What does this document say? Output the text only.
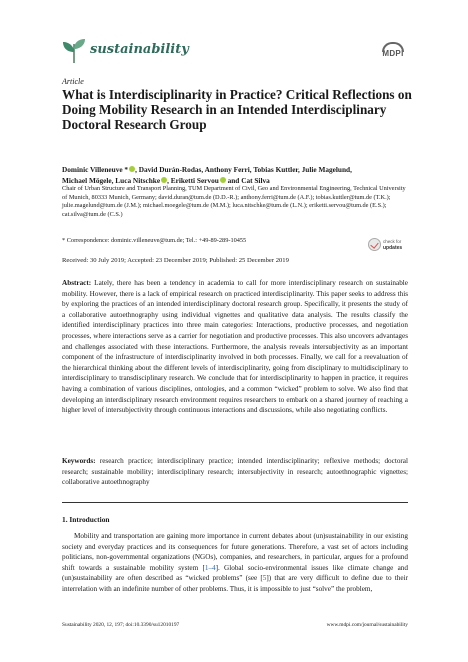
sustainability	MDPI
Article
What is Interdisciplinarity in Practice? Critical Reflections on Doing Mobility Research in an Intended Interdisciplinary Doctoral Research Group
Dominic Villeneuve * , David Durán-Rodas, Anthony Ferri, Tobias Kuttler, Julie Magelund,
Michael Mögele, Luca Nitschke , Eriketti Servou and Cat Silva
Chair of Urban Structure and Transport Planning, TUM Department of Civil, Geo and Environmental Engineering, Technical University of Munich, 80333 Munich, Germany; david.duran@tum.de (D.D.-R.); anthony.ferri@tum.de (A.F.); tobias.kuttler@tum.de (T.K.); julie.magelund@tum.de (J.M.); michael.moegele@tum.de (M.M.); luca.nitschke@tum.de (L.N.); eriketti.servou@tum.de (E.S.); cat.silva@tum.de (C.S.)
* Correspondence: dominic.villeneuve@tum.de; Tel.: +49-89-289-10455	check for
updates
Received: 30 July 2019; Accepted: 23 December 2019; Published: 25 December 2019
Abstract: Lately, there has been a tendency in academia to call for more interdisciplinary research on sustainable mobility. However, there is a lack of empirical research on practiced interdisciplinarity. This paper seeks to address this by exploring the practices of an intended interdisciplinary doctoral research group. Specifically, it presents the study of a collaborative autoethnography using individual vignettes and qualitative data analysis. The results classify the identified interdisciplinary practices into three main categories: Interactions, productive processes, and negotiation processes, where interactions serve as a carrier for negotiation and productive processes. This also uncovers advantages and challenges associated with these interactions. Furthermore, the analysis reveals intersubjectivity as an important component of the infrastructure of interdisciplinarity involved in both processes. Finally, we call for a reevaluation of the hierarchical thinking about the different levels of interdisciplinarity, going from disciplinary to multidisciplinary to interdisciplinary to transdisciplinary research. We conclude that for interdisciplinarity to happen in practice, it requires having a combination of various disciplines, ontologies, and a common “wicked” problem to solve. We also find that developing an interdisciplinary research environment requires researchers to embark on a shared journey of reaching a higher level of intersubjectivity through continuous interactions and discussions, while also negotiating conflicts.
Keywords: research practice; interdisciplinary practice; intended interdisciplinarity; reflexive methods; doctoral research; sustainable mobility; interdisciplinary research; intersubjectivity in research; autoethnographic vignettes; collaborative autoethnography
1. Introduction
Mobility and transportation are gaining more importance in current debates about (un)sustainability in our existing society and everyday practices and its consequences for future generations. Therefore, a vast set of actors including politicians, non-governmental organizations (NGOs), companies, and researchers, in particular, argues for a profound shift towards a sustainable mobility system [1–4]. Global socio-environmental issues like climate change and (un)sustainability are often described as “wicked problems” (see [5]) that are very difficult to define due to their interrelation with an indefinite number of other problems. Thus, it is impossible to just “solve” the problem,
Sustainability 2020, 12, 197; doi:10.3390/su12010197	www.mdpi.com/journal/sustainability
